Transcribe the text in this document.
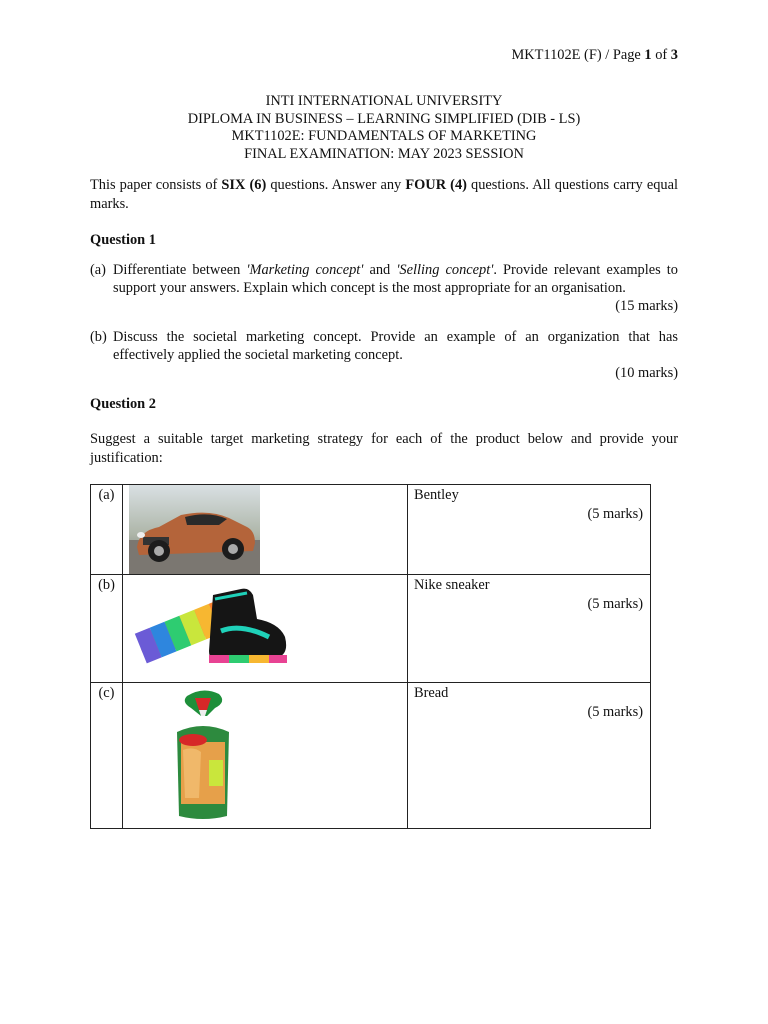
MKT1102E (F) / Page 1 of 3
INTI INTERNATIONAL UNIVERSITY
DIPLOMA IN BUSINESS – LEARNING SIMPLIFIED (DIB - LS)
MKT1102E: FUNDAMENTALS OF MARKETING
FINAL EXAMINATION: MAY 2023 SESSION
This paper consists of SIX (6) questions. Answer any FOUR (4) questions. All questions carry equal marks.
Question 1
(a) Differentiate between 'Marketing concept' and 'Selling concept'. Provide relevant examples to support your answers. Explain which concept is the most appropriate for an organisation.
(15 marks)
(b) Discuss the societal marketing concept. Provide an example of an organization that has effectively applied the societal marketing concept.
(10 marks)
Question 2
Suggest a suitable target marketing strategy for each of the product below and provide your justification:
(a)		Bentley
(5 marks)

(b)		Nike sneaker
(5 marks)

(c)		Bread
(5 marks)
